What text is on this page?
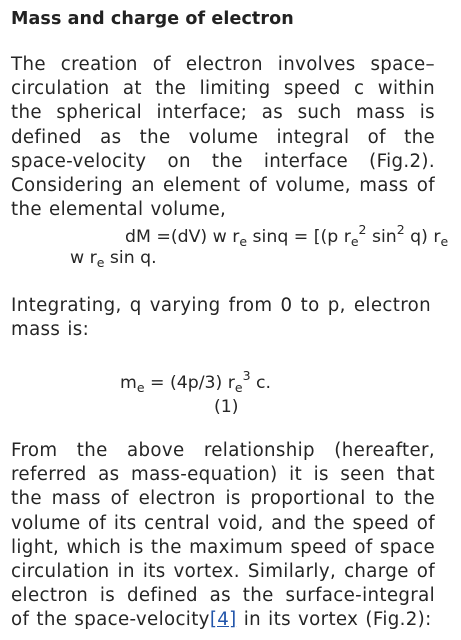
Mass and charge of electron

The creation of electron involves space–circulation at the limiting speed c within the spherical interface; as such mass is defined as the volume integral of the space-velocity on the interface (Fig.2). Considering an element of volume, mass of the elemental volume,

dM =(dV) w $r_e$ sinq = [(p $r_e^2$ $\sin^2 q$) $r_e$
w $r_e$ sin q.

Integrating, q varying from 0 to p, electron mass is:

$m_e = (4p/3)$ $r_e^3$ c.
(1)

From the above relationship (hereafter, referred as mass-equation) it is seen that the mass of electron is proportional to the volume of its central void, and the speed of light, which is the maximum speed of space circulation in its vortex. Similarly, charge of electron is defined as the surface-integral of the space-velocity[4] in its vortex (Fig.2):
